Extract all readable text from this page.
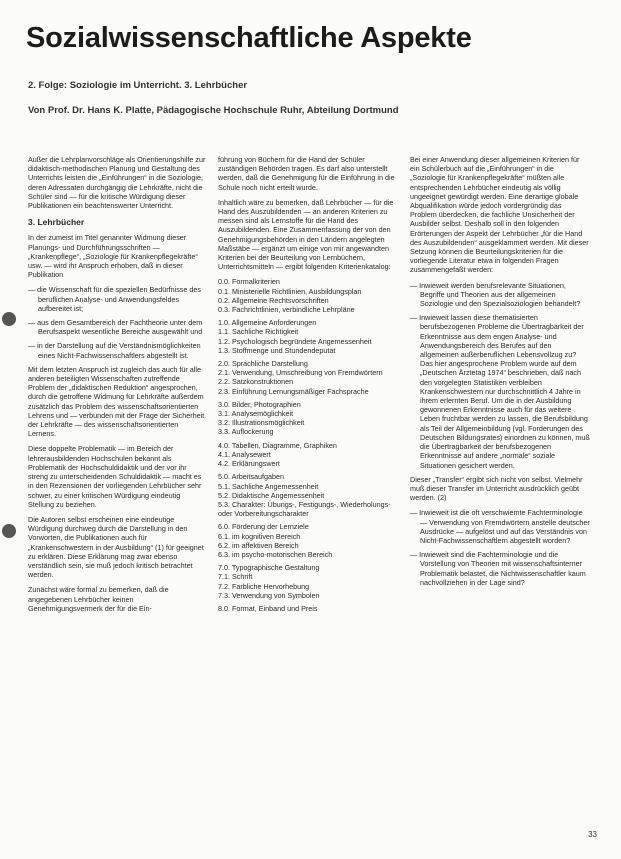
Sozialwissenschaftliche Aspekte
2. Folge: Soziologie im Unterricht. 3. Lehrbücher
Von Prof. Dr. Hans K. Platte, Pädagogische Hochschule Ruhr, Abteilung Dortmund

Außer die Lehrplanvorschläge als Orientierungshilfe zur didaktisch-methodischen Planung und Gestaltung des Unterrichts leisten die „Einführungen“ in die Soziologie, deren Adressaten durchgängig die Lehrkräfte, nicht die Schüler sind — für die kritische Würdigung dieser Publikationen ein beachtenswerter Unterricht.

3. Lehrbücher

In der zumeist im Titel genannter Widmung dieser Planungs- und Durchführungsschriften — „Krankenpflege“, „Soziologie für Krankenpflegekräfte“ usw. — wird ihr Anspruch erhoben, daß in dieser Publikation

— die Wissenschaft für die speziellen Bedürfnisse des beruflichen Analyse- und Anwendungsfeldes aufbereitet ist;
— aus dem Gesamtbereich der Fachtheorie unter dem Berufsaspekt wesentliche Bereiche ausgewählt und
— in der Darstellung auf die Verständnismöglichkeiten eines Nicht-Fachwissenschaftlers abgestellt ist.

Mit dem letzten Anspruch ist zugleich das auch für alle anderen beteiligten Wissenschaften zutreffende Problem der „didaktischen Reduktion“ angesprochen, durch die getroffene Widmung für Lehrkräfte außerdem zusätzlich das Problem des wissenschaftsorientierten Lehrens und — verbunden mit der Frage der Sicherheit der Lehrkräfte — des wissenschaftsorientierten Lernens.

Diese doppelte Problematik — im Bereich der lehrerausbildenden Hochschulen bekannt als Problematik der Hochschuldidaktik und der vor ihr streng zu unterscheidenden Schuldidaktik — macht es in den Rezensionen der vorliegenden Lehrbücher sehr schwer, zu einer kritischen Würdigung eindeutig Stellung zu beziehen.

Die Autoren selbst erscheinen eine eindeutige Würdigung durchweg durch die Darstellung in den Vorworten, die Publikationen auch für „Krankenschwestern in der Ausbildung“ (1) für geeignet zu erklären. Diese Erklärung mag zwar ebenso verständlich sein, sie muß jedoch kritisch betrachtet werden.

Zunächst wäre formal zu bemerken, daß die angegebenen Lehrbücher keinen Genehmigungsvermerk der für die Ein-

führung von Büchern für die Hand der Schüler zuständigen Behörden tragen. Es darf also unterstellt werden, daß die Genehmigung für die Einführung in die Schule noch nicht erteilt wurde.

Inhaltlich wäre zu bemerken, daß Lehrbücher — für die Hand des Auszubildenden — an anderen Kriterien zu messen sind als Lernstoffe für die Hand des Auszubildenden. Eine Zusammenfassung der von den Genehmigungsbehörden in den Ländern angelegten Maßstäbe — ergänzt um einige von mir angewandten Kriterien bei der Beurteilung von Lernbüchern, Unterrichtsmitteln — ergibt folgenden Kriterienkatalog:

0.0. Formalkriterien
0.1. Ministerielle Richtlinien, Ausbildungsplan
0.2. Allgemeine Rechtsvorschriften
0.3. Fachrichtlinien, verbindliche Lehrpläne
1.0. Allgemeine Anforderungen
1.1. Sachliche Richtigkeit
1.2. Psychologisch begründete Angemessenheit
1.3. Stoffmenge und Stundendeputat
2.0. Sprachliche Darstellung
2.1. Verwendung, Umschreibung von Fremdwörtern
2.2. Satzkonstruktionen
2.3. Einführung Lernungsmäßiger Fachsprache
3.0. Bilder, Photographien
3.1. Analysemöglichkeit
3.2. Illustrationsmöglichkeit
3.3. Auflockerung
4.0. Tabellen, Diagramme, Graphiken
4.1. Analysewert
4.2. Erklärungswert
5.0. Arbeitsaufgaben
5.1. Sachliche Angemessenheit
5.2. Didaktische Angemessenheit
5.3. Charakter: Übungs-, Festigungs-, Wiederholungs- oder Vorbereitungscharakter
6.0. Förderung der Lernziele
6.1. im kognitiven Bereich
6.2. im affektiven Bereich
6.3. im psycho-motorischen Bereich
7.0. Typographische Gestaltung
7.1. Schrift
7.2. Farbliche Hervorhebung
7.3. Verwendung von Symbolen
8.0. Format, Einband und Preis

Bei einer Anwendung dieser allgemeinen Kriterien für ein Schülerbuch auf die „Einführungen“ in die „Soziologie für Krankenpflegekräfte“ müßten alle entsprechenden Lehrbücher eindeutig als völlig ungeeignet gewürdigt werden. Eine derartige globale Abqualifikation würde jedoch vordergründig das Problem überdecken, die fachliche Unsicherheit der Ausbilder selbst. Deshalb soll in den folgenden Erörterungen der Aspekt der Lehrbücher „für die Hand des Auszubildenden“ ausgeklammert werden. Mit dieser Setzung können die Beurteilungskriterien für die vorliegende Literatur etwa in folgenden Fragen zusammengefaßt werden:

— Inwieweit werden berufsrelevante Situationen, Begriffe und Theorien aus der allgemeinen Soziologie und den Spezialsoziologien behandelt?
— Inwieweit lassen diese thematisierten berufsbezogenen Probleme die Übertragbarkeit der Erkenntnisse aus dem engen Analyse- und Anwendungsbereich des Berufes auf den allgemeinen außerberuflichen Lebensvollzug zu? Das hier angesprochene Problem wurde auf dem „Deutschen Ärztetag 1974“ beschrieben, daß nach den vorgelegten Statistiken verbleiben Krankenschwestern nur durchschnittlich 4 Jahre in ihrem erlernten Beruf. Um die in der Ausbildung gewonnenen Erkenntnisse auch für das weitere Leben fruchtbar werden zu lassen, die Berufsbildung als Teil der Allgemeinbildung (vgl. Forderungen des Deutschen Bildungsrates) einordnen zu können, muß die Übertragbarkeit der berufsbezogenen Erkenntnisse auf andere „normale“ soziale Situationen gesichert werden.

Dieser „Transfer“ ergibt sich nicht von selbst. Vielmehr muß dieser Transfer im Unterricht ausdrücklich geübt werden. (2)

— Inwieweit ist die oft verschwiemte Fachterminologie — Verwendung von Fremdwörtern anstelle deutscher Ausdrücke — aufgelöst und auf das Verständnis von Nicht-Fachwissenschaftlern abgestellt worden?
— Inwieweit sind die Fachterminologie und die Vorstellung von Theorien mit wissenschaftsinterner Problematik belastet, die Nichtwissenschaftler kaum nachvollziehen in der Lage sind?
33
